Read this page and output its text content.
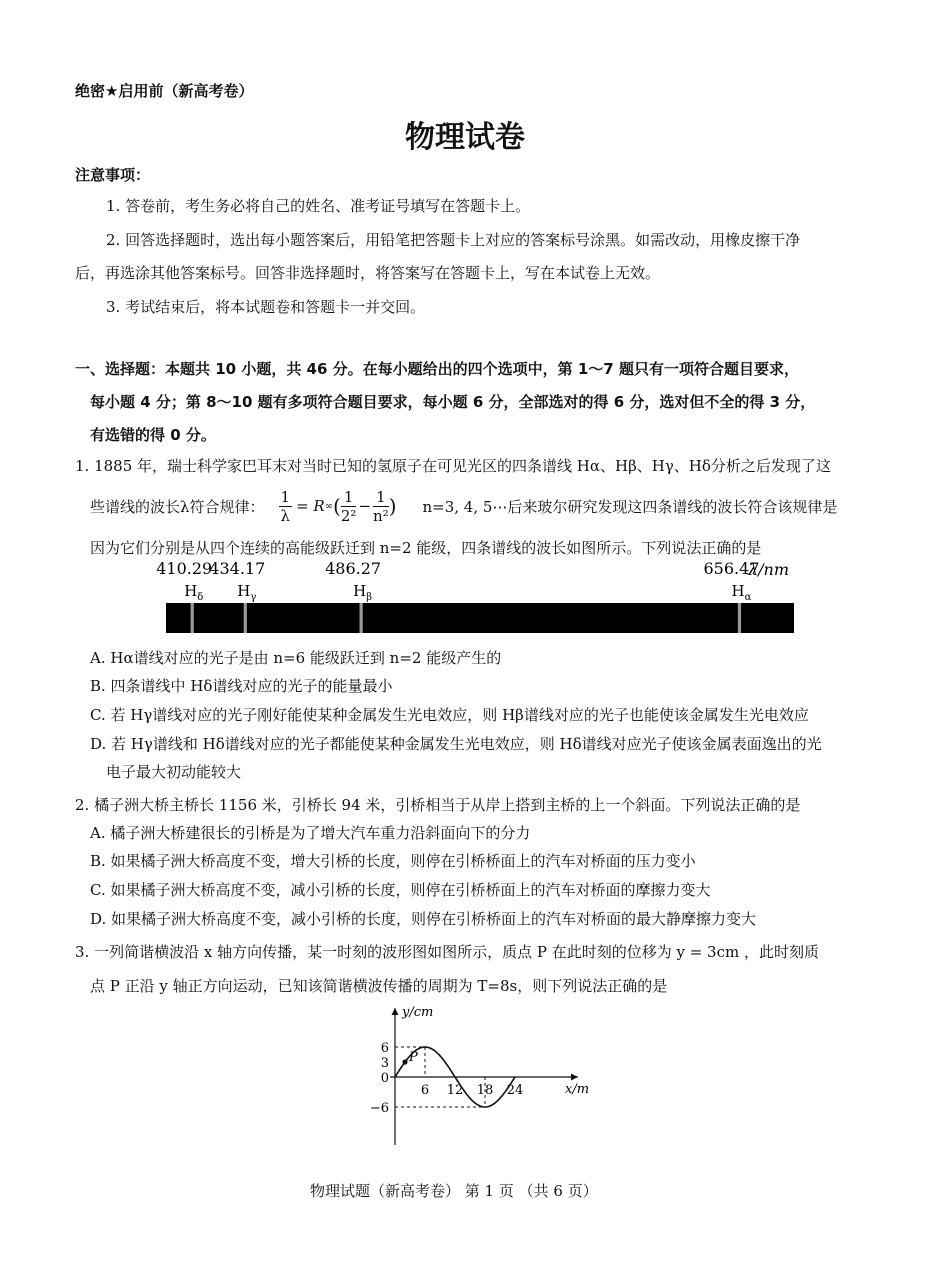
绝密★启用前（新高考卷）
物理试卷
注意事项：
1. 答卷前，考生务必将自己的姓名、准考证号填写在答题卡上。
2. 回答选择题时，选出每小题答案后，用铅笔把答题卡上对应的答案标号涂黑。如需改动，用橡皮擦干净
后，再选涂其他答案标号。回答非选择题时，将答案写在答题卡上，写在本试卷上无效。
3. 考试结束后，将本试题卷和答题卡一并交回。
一、选择题：本题共 10 小题，共 46 分。在每小题给出的四个选项中，第 1～7 题只有一项符合题目要求，
每小题 4 分；第 8～10 题有多项符合题目要求，每小题 6 分，全部选对的得 6 分，选对但不全的得 3 分，
有选错的得 0 分。
1. 1885 年，瑞士科学家巴耳末对当时已知的氢原子在可见光区的四条谱线 Hα、Hβ、Hγ、Hδ分析之后发现了这
些谱线的波长λ符合规律： $\frac{1}{\lambda} = R$ ∞ ( $\frac{1}{\text{2²}} - \frac{1}{\text{n²}}$ ) n=3, 4, 5⋯后来玻尔研究发现这四条谱线的波长符合该规律是
因为它们分别是从四个连续的高能级跃迁到 n=2 能级，四条谱线的波长如图所示。下列说法正确的是
410.29
$H_\delta$
434.17
$H_\gamma$
486.27
$H_\beta$
656.47
$H_\alpha$
λ/nm
A. Hα谱线对应的光子是由 n=6 能级跃迁到 n=2 能级产生的
B. 四条谱线中 Hδ谱线对应的光子的能量最小
C. 若 Hγ谱线对应的光子刚好能使某种金属发生光电效应，则 Hβ谱线对应的光子也能使该金属发生光电效应
D. 若 Hγ谱线和 Hδ谱线对应的光子都能使某种金属发生光电效应，则 Hδ谱线对应光子使该金属表面逸出的光
电子最大初动能较大
2. 橘子洲大桥主桥长 1156 米，引桥长 94 米，引桥相当于从岸上搭到主桥的上一个斜面。下列说法正确的是
A. 橘子洲大桥建很长的引桥是为了增大汽车重力沿斜面向下的分力
B. 如果橘子洲大桥高度不变，增大引桥的长度，则停在引桥桥面上的汽车对桥面的压力变小
C. 如果橘子洲大桥高度不变，减小引桥的长度，则停在引桥桥面上的汽车对桥面的摩擦力变大
D. 如果橘子洲大桥高度不变，减小引桥的长度，则停在引桥桥面上的汽车对桥面的最大静摩擦力变大
3. 一列简谐横波沿 x 轴方向传播，某一时刻的波形图如图所示，质点 P 在此时刻的位移为 y = 3cm ，此时刻质
点 P 正沿 y 轴正方向运动，已知该简谐横波传播的周期为 T=8s，则下列说法正确的是
y/cm
x/m
6
3
0
−6
6 12 18 24
P
物理试题（新高考卷） 第 1 页 （共 6 页）
